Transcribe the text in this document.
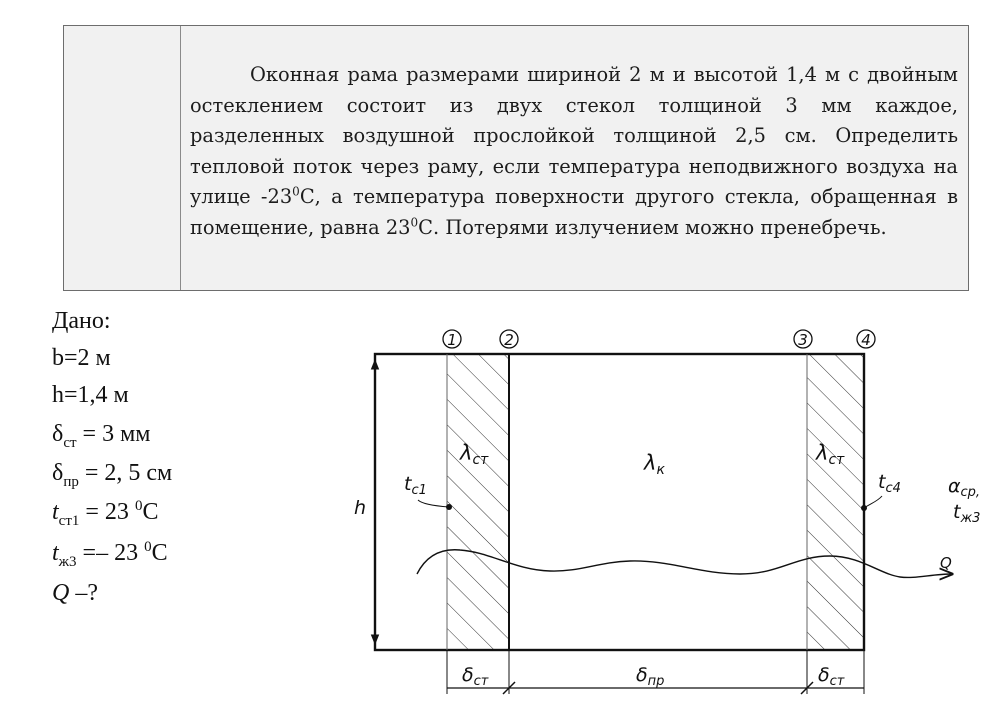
Оконная рама размерами шириной 2 м и высотой 1,4 м с двойным остеклением состоит из двух стекол толщиной 3 мм каждое, разделенных воздушной прослойкой толщиной 2,5 см. Определить тепловой поток через раму, если температура неподвижного воздуха на улице $-23^0С$, а температура поверхности другого стекла, обращенная в помещение, равна $23^0С$. Потерями излучением можно пренебречь.
Дано:
b=2 м
h=1,4 м
$\delta_{ст} = 3$ мм
$\delta_{пр} = 2$, 5 см
$t_{ст1} = 23$ $^0$C
$t_{ж3} =- 23$ $^0$C
Q –?
h
1	2	3	4
λст	λк
λст
$t_{с1}$	$t_{с4}$ $\alpha_{ср,}$
$t_{ж3}$
Q
$\delta_{ст}$	$\delta_{пр}$	$\delta_{ст}$
